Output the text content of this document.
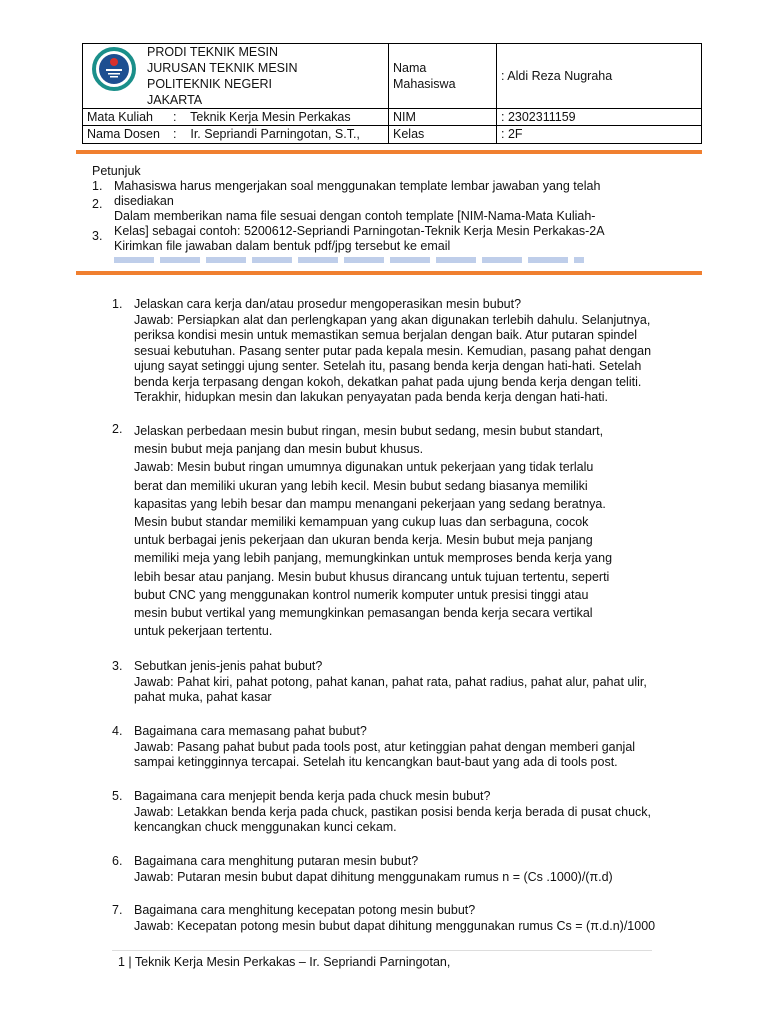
PRODI TEKNIK MESIN
JURUSAN TEKNIK MESIN
POLITEKNIK NEGERI
JAKARTA	Nama Mahasiswa	: Aldi Reza Nugraha
Mata Kuliah :    Teknik Kerja Mesin Perkakas	NIM	: 2302311159
Nama Dosen :    Ir. Sepriandi Parningotan, S.T.,	Kelas	: 2F
Petunjuk
1.
2.
3.
Mahasiswa harus mengerjakan soal menggunakan template lembar jawaban yang telah
disediakan
Dalam memberikan nama file sesuai dengan contoh template [NIM-Nama-Mata Kuliah-
Kelas] sebagai contoh: 5200612-Sepriandi Parningotan-Teknik Kerja Mesin Perkakas-2A
Kirimkan file jawaban dalam bentuk pdf/jpg tersebut ke email
1. Jelaskan cara kerja dan/atau prosedur mengoperasikan mesin bubut?
Jawab: Persiapkan alat dan perlengkapan yang akan digunakan terlebih dahulu. Selanjutnya,
periksa kondisi mesin untuk memastikan semua berjalan dengan baik. Atur putaran spindel
sesuai kebutuhan. Pasang senter putar pada kepala mesin. Kemudian, pasang pahat dengan
ujung sayat setinggi ujung senter. Setelah itu, pasang benda kerja dengan hati-hati. Setelah
benda kerja terpasang dengan kokoh, dekatkan pahat pada ujung benda kerja dengan teliti.
Terakhir, hidupkan mesin dan lakukan penyayatan pada benda kerja dengan hati-hati.
2. Jelaskan perbedaan mesin bubut ringan, mesin bubut sedang, mesin bubut standart,
mesin bubut meja panjang dan mesin bubut khusus.
Jawab: Mesin bubut ringan umumnya digunakan untuk pekerjaan yang tidak terlalu
berat dan memiliki ukuran yang lebih kecil. Mesin bubut sedang biasanya memiliki
kapasitas yang lebih besar dan mampu menangani pekerjaan yang sedang beratnya.
Mesin bubut standar memiliki kemampuan yang cukup luas dan serbaguna, cocok
untuk berbagai jenis pekerjaan dan ukuran benda kerja. Mesin bubut meja panjang
memiliki meja yang lebih panjang, memungkinkan untuk memproses benda kerja yang
lebih besar atau panjang. Mesin bubut khusus dirancang untuk tujuan tertentu, seperti
bubut CNC yang menggunakan kontrol numerik komputer untuk presisi tinggi atau
mesin bubut vertikal yang memungkinkan pemasangan benda kerja secara vertikal
untuk pekerjaan tertentu.
3. Sebutkan jenis-jenis pahat bubut?
Jawab: Pahat kiri, pahat potong, pahat kanan, pahat rata, pahat radius, pahat alur, pahat ulir,
pahat muka, pahat kasar
4. Bagaimana cara memasang pahat bubut?
Jawab: Pasang pahat bubut pada tools post, atur ketinggian pahat dengan memberi ganjal
sampai ketingginnya tercapai. Setelah itu kencangkan baut-baut yang ada di tools post.
5. Bagaimana cara menjepit benda kerja pada chuck mesin bubut?
Jawab: Letakkan benda kerja pada chuck, pastikan posisi benda kerja berada di pusat chuck,
kencangkan chuck menggunakan kunci cekam.
6. Bagaimana cara menghitung putaran mesin bubut?
Jawab: Putaran mesin bubut dapat dihitung menggunakam rumus n = (Cs .1000)/(π.d)
7. Bagaimana cara menghitung kecepatan potong mesin bubut?
Jawab: Kecepatan potong mesin bubut dapat dihitung menggunakan rumus Cs = (π.d.n)/1000
1 | Teknik Kerja Mesin Perkakas – Ir. Sepriandi Parningotan,
